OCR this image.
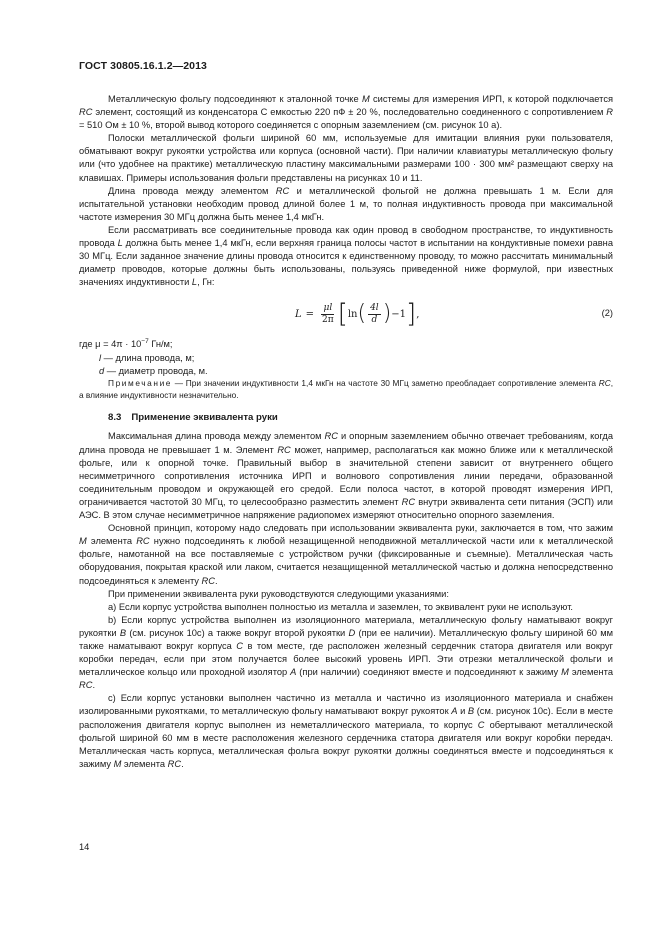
ГОСТ 30805.16.1.2—2013

Металлическую фольгу подсоединяют к эталонной точке M системы для измерения ИРП, к которой подключается RC элемент, состоящий из конденсатора С емкостью 220 пФ ± 20 %, последовательно соединенного с сопротивлением R = 510 Ом ± 10 %, второй вывод которого соединяется с опорным заземлением (см. рисунок 10 а).

Полоски металлической фольги шириной 60 мм, используемые для имитации влияния руки пользователя, обматывают вокруг рукоятки устройства или корпуса (основной части). При наличии клавиатуры металлическую фольгу или (что удобнее на практике) металлическую пластину максимальными размерами 100 · 300 мм² размещают сверху на клавишах. Примеры использования фольги представлены на рисунках 10 и 11.

Длина провода между элементом RC и металлической фольгой не должна превышать 1 м. Если для испытательной установки необходим провод длиной более 1 м, то полная индуктивность провода при максимальной частоте измерения 30 МГц должна быть менее 1,4 мкГн.

Если рассматривать все соединительные провода как один провод в свободном пространстве, то индуктивность провода L должна быть менее 1,4 мкГн, если верхняя граница полосы частот в испытании на кондуктивные помехи равна 30 МГц. Если заданное значение длины провода относится к единственному проводу, то можно рассчитать минимальный диаметр проводов, которые должны быть использованы, пользуясь приведенной ниже формулой, при известных значениях индуктивности L, Гн:

$L = \frac{\mu l}{2\pi}$ [ ln ( $\frac{4l}{d}$ ) −1 ] ,	(2)
где $\mu = 4\pi \cdot 10^{-7}$ Гн/м;
l — длина провода, м;
d — диаметр провода, м.

Примечание — При значении индуктивности 1,4 мкГн на частоте 30 МГц заметно преобладает сопротивление элемента RC, а влияние индуктивности незначительно.

8.3 Применение эквивалента руки

Максимальная длина провода между элементом RC и опорным заземлением обычно отвечает требованиям, когда длина провода не превышает 1 м. Элемент RC может, например, располагаться как можно ближе или к металлической фольге, или к опорной точке. Правильный выбор в значительной степени зависит от внутреннего общего несимметричного сопротивления источника ИРП и волнового сопротивления линии передачи, образованной соединительным проводом и окружающей его средой. Если полоса частот, в которой проводят измерения ИРП, ограничивается частотой 30 МГц, то целесообразно разместить элемент RC внутри эквивалента сети питания (ЭСП) или АЭС. В этом случае несимметричное напряжение радиопомех измеряют относительно опорного заземления.

Основной принцип, которому надо следовать при использовании эквивалента руки, заключается в том, что зажим M элемента RC нужно подсоединять к любой незащищенной неподвижной металлической части или к металлической фольге, намотанной на все поставляемые с устройством ручки (фиксированные и съемные). Металлическая часть оборудования, покрытая краской или лаком, считается незащищенной металлической частью и должна непосредственно подсоединяться к элементу RC.

При применении эквивалента руки руководствуются следующими указаниями:

а) Если корпус устройства выполнен полностью из металла и заземлен, то эквивалент руки не используют.

b) Если корпус устройства выполнен из изоляционного материала, металлическую фольгу наматывают вокруг рукоятки В (см. рисунок 10с) а также вокруг второй рукоятки D (при ее наличии). Металлическую фольгу шириной 60 мм также наматывают вокруг корпуса С в том месте, где расположен железный сердечник статора двигателя или вокруг коробки передач, если при этом получается более высокий уровень ИРП. Эти отрезки металлической фольги и металлическое кольцо или проходной изолятор А (при наличии) соединяют вместе и подсоединяют к зажиму M элемента RC.

c) Если корпус установки выполнен частично из металла и частично из изоляционного материала и снабжен изолированными рукоятками, то металлическую фольгу наматывают вокруг рукояток А и В (см. рисунок 10с). Если в месте расположения двигателя корпус выполнен из неметаллического материала, то корпус С обертывают металлической фольгой шириной 60 мм в месте расположения железного сердечника статора двигателя или вокруг коробки передач. Металлическая часть корпуса, металлическая фольга вокруг рукоятки должны соединяться вместе и подсоединяться к зажиму M элемента RC.

14
